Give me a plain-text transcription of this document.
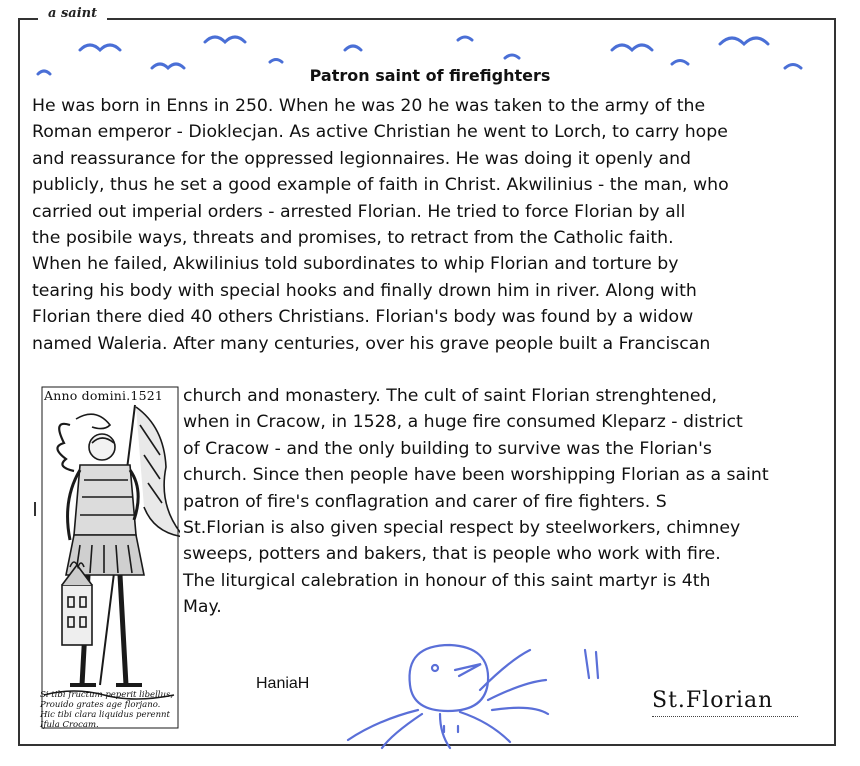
a saint
Patron saint of firefighters
He was born in Enns in 250. When he was 20 he was taken to the army of the
Roman emperor - Dioklecjan. As active Christian he went to Lorch, to carry hope
and reassurance for the oppressed legionnaires. He was doing it openly and
publicly, thus he set a good example of faith in Christ. Akwilinius - the man, who
carried out imperial orders - arrested Florian. He tried to force Florian by all
the posibile ways, threats and promises, to retract from the Catholic faith.
When he failed, Akwilinius told subordinates to whip Florian and torture by
tearing his body with special hooks and finally drown him in river. Along with
Florian there died 40 others Christians. Florian's body was found by a widow
named Waleria. After many centuries, over his grave people built a Franciscan
church and monastery. The cult of saint Florian strenghtened,
when in Cracow, in 1528, a huge fire consumed Kleparz - district
of Cracow - and the only building to survive was the Florian's
church. Since then people have been worshipping Florian as a saint
patron of fire's conflagration and carer of fire fighters. S
St.Florian is also given special respect by steelworkers, chimney
sweeps, potters and bakers, that is people who work with fire.
The liturgical calebration in honour of this saint martyr is 4th
May.
Anno domini.1521
Si tibi fructum peperit libellus,
Prouido grates age florjano.
Hic tibi clara liquidus perennt
Ifula Crocam.
HaniaH
St.Florian
